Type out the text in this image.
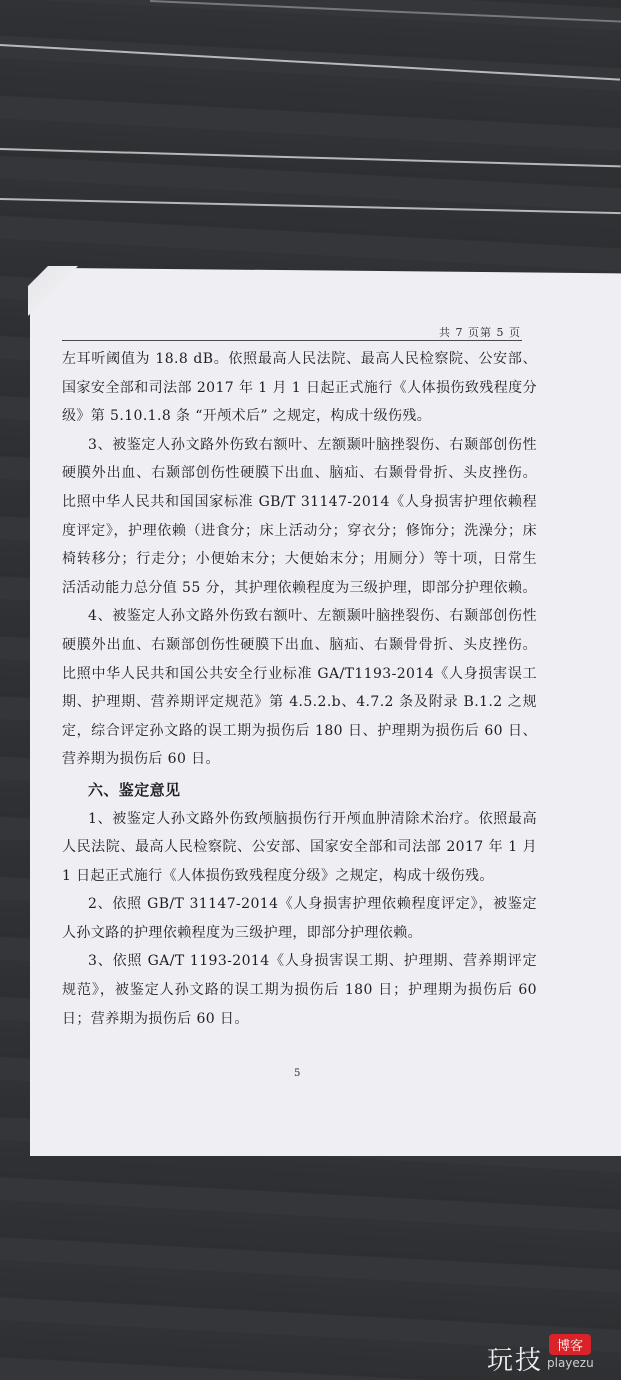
共 7 页第 5 页

左耳听阈值为 18.8 dB。依照最高人民法院、最高人民检察院、公安部、国家安全部和司法部 2017 年 1 月 1 日起正式施行《人体损伤致残程度分级》第 5.10.1.8 条 “开颅术后” 之规定，构成十级伤残。

3、被鉴定人孙文路外伤致右额叶、左额颞叶脑挫裂伤、右颞部创伤性硬膜外出血、右颞部创伤性硬膜下出血、脑疝、右颞骨骨折、头皮挫伤。比照中华人民共和国国家标准 GB/T 31147-2014《人身损害护理依赖程度评定》，护理依赖（进食分；床上活动分；穿衣分；修饰分；洗澡分；床椅转移分；行走分；小便始末分；大便始末分；用厕分）等十项，日常生活活动能力总分值 55 分，其护理依赖程度为三级护理，即部分护理依赖。

4、被鉴定人孙文路外伤致右额叶、左额颞叶脑挫裂伤、右颞部创伤性硬膜外出血、右颞部创伤性硬膜下出血、脑疝、右颞骨骨折、头皮挫伤。比照中华人民共和国公共安全行业标准 GA/T1193-2014《人身损害误工期、护理期、营养期评定规范》第 4.5.2.b、4.7.2 条及附录 B.1.2 之规定，综合评定孙文路的误工期为损伤后 180 日、护理期为损伤后 60 日、营养期为损伤后 60 日。

六、鉴定意见

1、被鉴定人孙文路外伤致颅脑损伤行开颅血肿清除术治疗。依照最高人民法院、最高人民检察院、公安部、国家安全部和司法部 2017 年 1 月 1 日起正式施行《人体损伤致残程度分级》之规定，构成十级伤残。

2、依照 GB/T 31147-2014《人身损害护理依赖程度评定》，被鉴定人孙文路的护理依赖程度为三级护理，即部分护理依赖。

3、依照 GA/T 1193-2014《人身损害误工期、护理期、营养期评定规范》，被鉴定人孙文路的误工期为损伤后 180 日；护理期为损伤后 60 日；营养期为损伤后 60 日。

5
玩技	博客
playezu
